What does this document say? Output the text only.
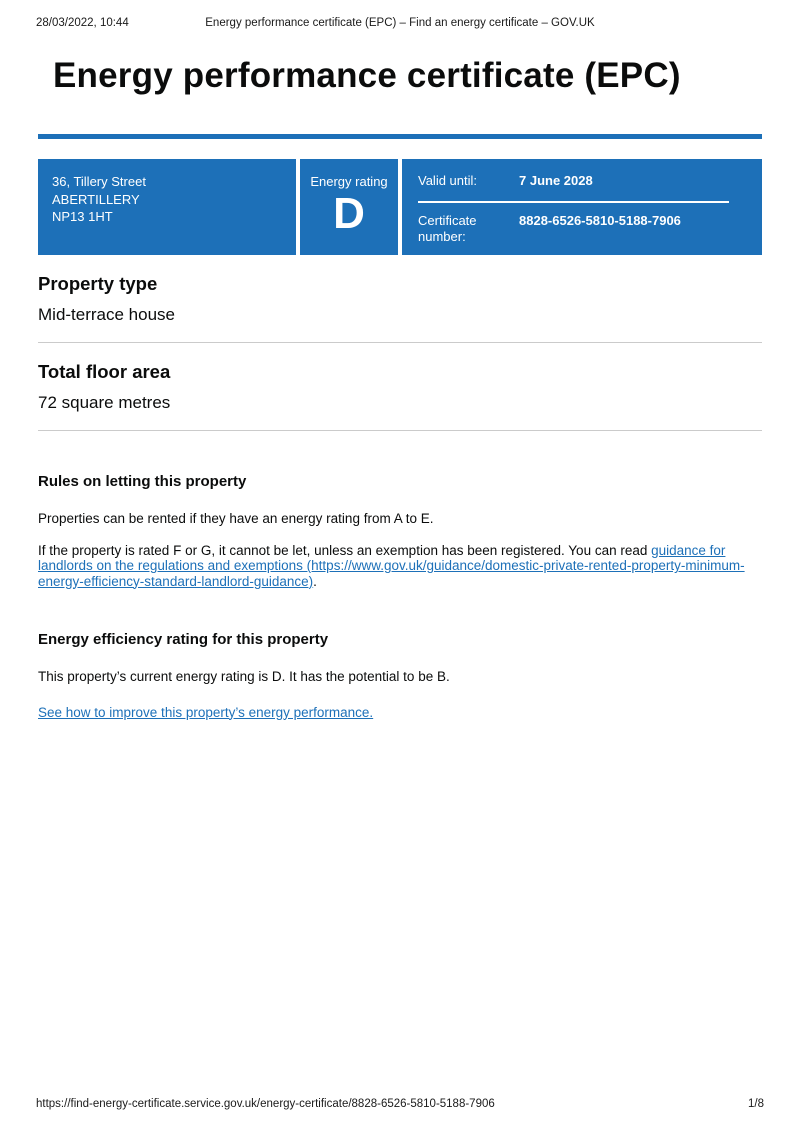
28/03/2022, 10:44	Energy performance certificate (EPC) – Find an energy certificate – GOV.UK
Energy performance certificate (EPC)
36, Tillery Street
ABERTILLERY
NP13 1HT
Energy rating
D
Valid until:	7 June 2028
Certificate number:
8828-6526-5810-5188-7906
Property type

Mid-terrace house

Total floor area

72 square metres

Rules on letting this property

Properties can be rented if they have an energy rating from A to E.

If the property is rated F or G, it cannot be let, unless an exemption has been registered. You can read guidance for landlords on the regulations and exemptions (https://www.gov.uk/guidance/domestic-private-rented-property-minimum-energy-efficiency-standard-landlord-guidance).

Energy efficiency rating for this property

This property’s current energy rating is D. It has the potential to be B.

See how to improve this property’s energy performance.

https://find-energy-certificate.service.gov.uk/energy-certificate/8828-6526-5810-5188-7906	1/8
